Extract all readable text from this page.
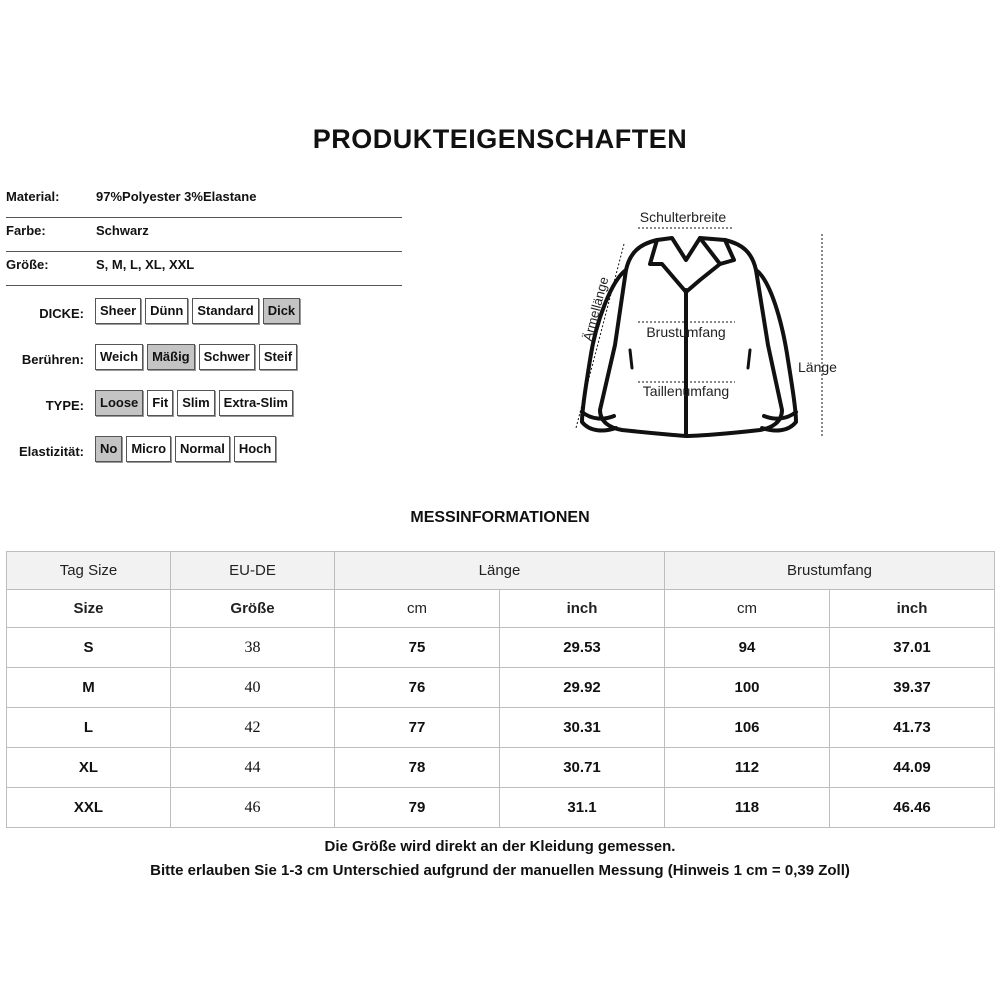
PRODUKTEIGENSCHAFTEN
Material:	97%Polyester 3%Elastane
Farbe:	Schwarz
Größe:	S, M, L, XL, XXL
DICKE:	Sheer	Dünn	Standard	Dick
Berühren:	Weich	Mäßig	Schwer	Steif
TYPE:	Loose	Fit	Slim	Extra-Slim
Elastizität:	No	Micro	Normal	Hoch
Ärmellänge
Schulterbreite
Brustumfang
Taillenumfang
Länge
MESSINFORMATIONEN
Tag Size	EU-DE	Länge		Brustumfang	
Size	Größe	cm	inch	cm	inch
S	38	75	29.53	94	37.01
M	40	76	29.92	100	39.37
L	42	77	30.31	106	41.73
XL	44	78	30.71	112	44.09
XXL	46	79	31.1	118	46.46
Die Größe wird direkt an der Kleidung gemessen.
Bitte erlauben Sie 1-3 cm Unterschied aufgrund der manuellen Messung (Hinweis 1 cm = 0,39 Zoll)
